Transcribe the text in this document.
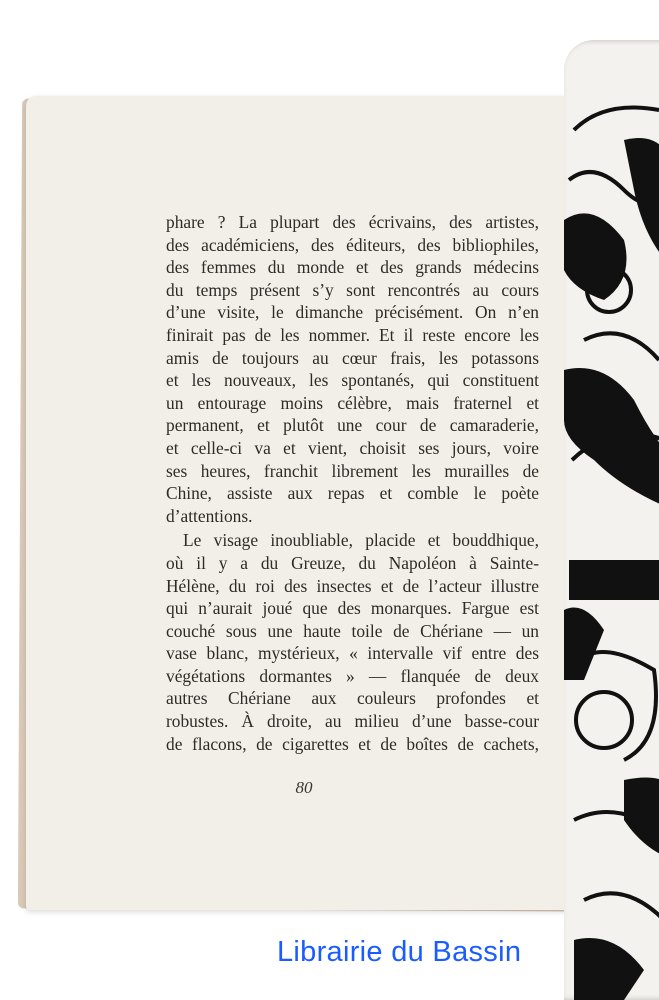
80
phare ? La plupart des écrivains, des artistes,
des académiciens, des éditeurs, des bibliophiles,
des femmes du monde et des grands médecins
du temps présent s’y sont rencontrés au cours
d’une visite, le dimanche précisément. On n’en
finirait pas de les nommer. Et il reste encore les
amis de toujours au cœur frais, les potassons
et les nouveaux, les spontanés, qui constituent
un entourage moins célèbre, mais fraternel et
permanent, et plutôt une cour de camaraderie,
et celle-ci va et vient, choisit ses jours, voire
ses heures, franchit librement les murailles de
Chine, assiste aux repas et comble le poète
d’attentions.
Le visage inoubliable, placide et bouddhique,
où il y a du Greuze, du Napoléon à Sainte-
Hélène, du roi des insectes et de l’acteur illustre
qui n’aurait joué que des monarques. Fargue est
couché sous une haute toile de Chériane — un
vase blanc, mystérieux, « intervalle vif entre des
végétations dormantes » — flanquée de deux
autres Chériane aux couleurs profondes et
robustes. À droite, au milieu d’une basse-cour
de flacons, de cigarettes et de boîtes de cachets,
Librairie du Bassin
